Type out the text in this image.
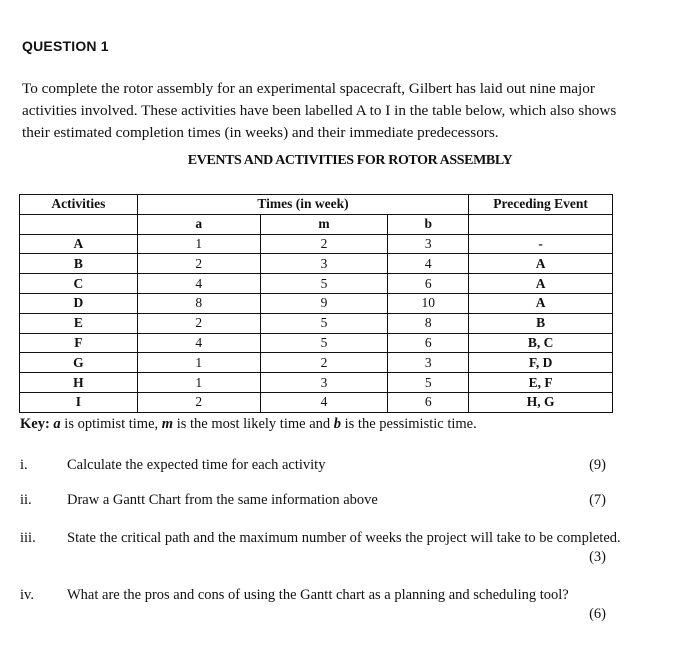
QUESTION 1
To complete the rotor assembly for an experimental spacecraft, Gilbert has laid out nine major activities involved. These activities have been labelled A to I in the table below, which also shows their estimated completion times (in weeks) and their immediate predecessors.
EVENTS AND ACTIVITIES FOR ROTOR ASSEMBLY
Activities	Times (in week)			Preceding Event
	a	m	b	
A	1	2	3	-
B	2	3	4	A
C	4	5	6	A
D	8	9	10	A
E	2	5	8	B
F	4	5	6	B, C
G	1	2	3	F, D
H	1	3	5	E, F
I	2	4	6	H, G
Key: a is optimist time, m is the most likely time and b is the pessimistic time.
i.	Calculate the expected time for each activity	(9)
ii. Draw a Gantt Chart from the same information above	(7)
iii. State the critical path and the maximum number of weeks the project will take to be completed.
(3)
iv. What are the pros and cons of using the Gantt chart as a planning and scheduling tool?
(6)
